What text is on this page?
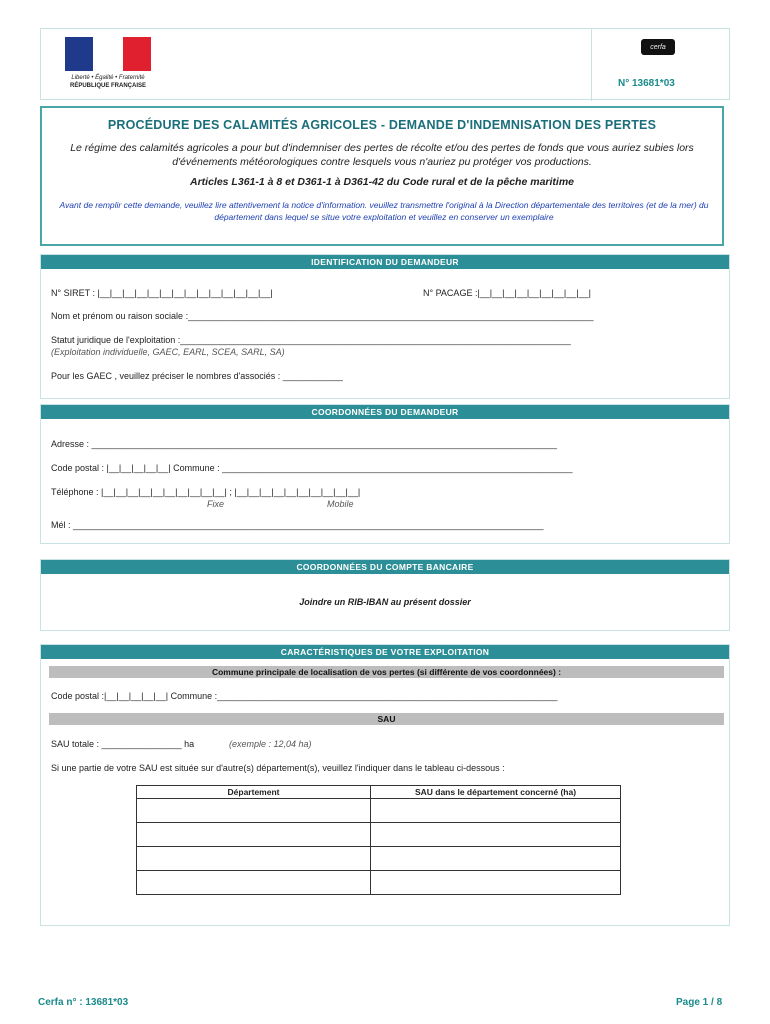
Liberté • Égalité • Fraternité
RÉPUBLIQUE FRANÇAISE
cerfa
N° 13681*03
PROCÉDURE DES CALAMITÉS AGRICOLES - DEMANDE D'INDEMNISATION DES PERTES
Le régime des calamités agricoles a pour but d'indemniser des pertes de récolte et/ou des pertes de fonds que vous auriez subies lors d'événements météorologiques contre lesquels vous n'auriez pu protéger vos productions.
Articles L361-1 à 8 et D361-1 à D361-42 du Code rural et de la pêche maritime
Avant de remplir cette demande, veuillez lire attentivement la notice d'information. veuillez transmettre l'original à la Direction départementale des territoires (et de la mer) du département dans lequel se situe votre exploitation et veuillez en conserver un exemplaire
IDENTIFICATION DU DEMANDEUR
N° SIRET : |__|__|__|__|__|__|__|__|__|__|__|__|__|__|	N° PACAGE :|__|__|__|__|__|__|__|__|__|
Nom et prénom ou raison sociale :_________________________________________________________________________________
Statut juridique de l'exploitation :______________________________________________________________________________
(Exploitation individuelle, GAEC, EARL, SCEA, SARL, SA)
Pour les GAEC , veuillez préciser le nombres d'associés : ____________
COORDONNÉES DU DEMANDEUR
Adresse : _____________________________________________________________________________________________
Code postal : |__|__|__|__|__| Commune : ______________________________________________________________________
Téléphone : |__|__|__|__|__|__|__|__|__|__| ; |__|__|__|__|__|__|__|__|__|__|
Fixe	Mobile
Mél : ______________________________________________________________________________________________
COORDONNÉES DU COMPTE BANCAIRE
Joindre un RIB-IBAN au présent dossier
CARACTÉRISTIQUES DE VOTRE EXPLOITATION
Commune principale de localisation de vos pertes (si différente de vos coordonnées) :
Code postal :|__|__|__|__|__| Commune :____________________________________________________________________
SAU
SAU totale : ________________ ha	(exemple : 12,04 ha)
Si une partie de votre SAU est située sur d'autre(s) département(s), veuillez l'indiquer dans le tableau ci-dessous :
Département	SAU dans le département concerné (ha)

Cerfa n° : 13681*03	Page 1 / 8
